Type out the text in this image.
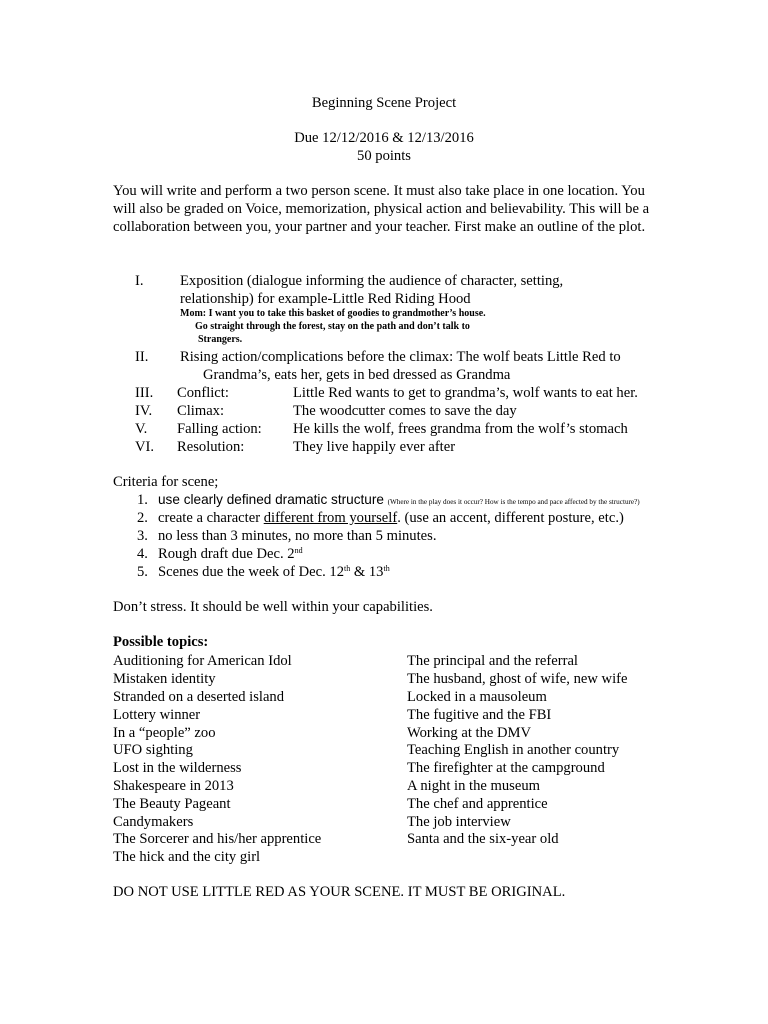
Beginning Scene Project
Due 12/12/2016 & 12/13/2016
50 points
You will write and perform a two person scene. It must also take place in one location. You will also be graded on Voice, memorization, physical action and believability. This will be a collaboration between you, your partner and your teacher. First make an outline of the plot.
I. Exposition (dialogue informing the audience of character, setting,
relationship) for example-Little Red Riding Hood
Mom: I want you to take this basket of goodies to grandmother’s house.
Go straight through the forest, stay on the path and don’t talk to
Strangers.
II. Rising action/complications before the climax: The wolf beats Little Red to
Grandma’s, eats her, gets in bed dressed as Grandma
III. Conflict:	Little Red wants to get to grandma’s, wolf wants to eat her.
IV. Climax:	The woodcutter comes to save the day
V. Falling action: He kills the wolf, frees grandma from the wolf’s stomach
VI. Resolution:	They live happily ever after
Criteria for scene;
1. use clearly defined dramatic structure (Where in the play does it occur? How is the tempo and pace affected by the structure?)
2. create a character different from yourself. (use an accent, different posture, etc.)
3. no less than 3 minutes, no more than 5 minutes.
4. Rough draft due Dec. 2nd
5. Scenes due the week of Dec. 12th & 13th
Don’t stress. It should be well within your capabilities.
Possible topics:
Auditioning for American Idol
Mistaken identity
Stranded on a deserted island
Lottery winner
In a “people” zoo
UFO sighting
Lost in the wilderness
Shakespeare in 2013
The Beauty Pageant
Candymakers
The Sorcerer and his/her apprentice
The hick and the city girl
The principal and the referral
The husband, ghost of wife, new wife
Locked in a mausoleum
The fugitive and the FBI
Working at the DMV
Teaching English in another country
The firefighter at the campground
A night in the museum
The chef and apprentice
The job interview
Santa and the six-year old
DO NOT USE LITTLE RED AS YOUR SCENE. IT MUST BE ORIGINAL.
